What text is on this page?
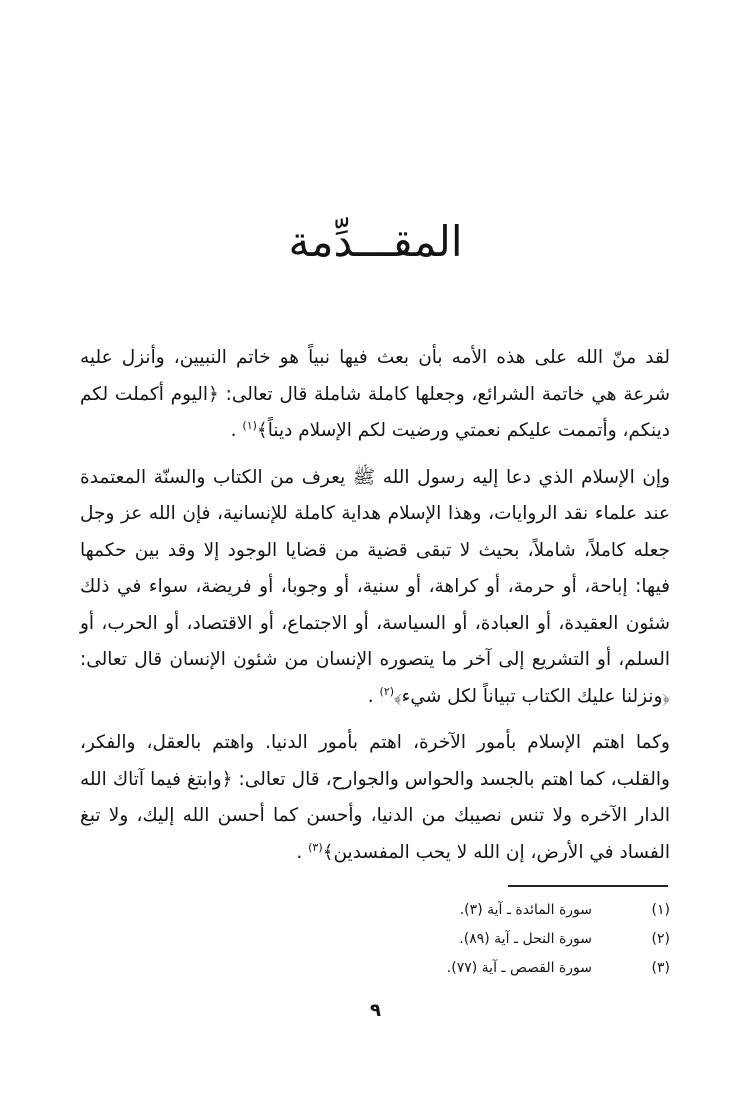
المقـــدِّمة

لقد منّ الله على هذه الأمه بأن بعث فيها نبياً هو خاتم النبيين، وأنزل عليه شرعة هي خاتمة الشرائع، وجعلها كاملة شاملة قال تعالى: ﴿اليوم أكملت لكم دينكم، وأتممت عليكم نعمتي ورضيت لكم الإسلام ديناً﴾$^{(١)}$ .

وإن الإسلام الذي دعا إليه رسول الله ﷺ يعرف من الكتاب والسنّة المعتمدة عند علماء نقد الروايات، وهذا الإسلام هداية كاملة للإنسانية، فإن الله عز وجل جعله كاملاً، شاملاً، بحيث لا تبقى قضية من قضايا الوجود إلا وقد بين حكمها فيها: إباحة، أو حرمة، أو كراهة، أو سنية، أو وجوبا، أو فريضة، سواء في ذلك شئون العقيدة، أو العبادة، أو السياسة، أو الاجتماع، أو الاقتصاد، أو الحرب، أو السلم، أو التشريع إلى آخر ما يتصوره الإنسان من شئون الإنسان قال تعالى: ﴿ونزلنا عليك الكتاب تبياناً لكل شيء﴾$^{(٢)}$ .

وكما اهتم الإسلام بأمور الآخرة، اهتم بأمور الدنيا. واهتم بالعقل، والفكر، والقلب، كما اهتم بالجسد والحواس والجوارح، قال تعالى: ﴿وابتغ فيما آتاك الله الدار الآخره ولا تنس نصيبك من الدنيا، وأحسن كما أحسن الله إليك، ولا تبغ الفساد في الأرض، إن الله لا يحب المفسدين﴾$^{(٣)}$ .

(١)
سورة المائدة ـ آية (٣).
(٢)
سورة النحل ـ آية (٨٩).
(٣)
سورة القصص ـ آية (٧٧).
٩
